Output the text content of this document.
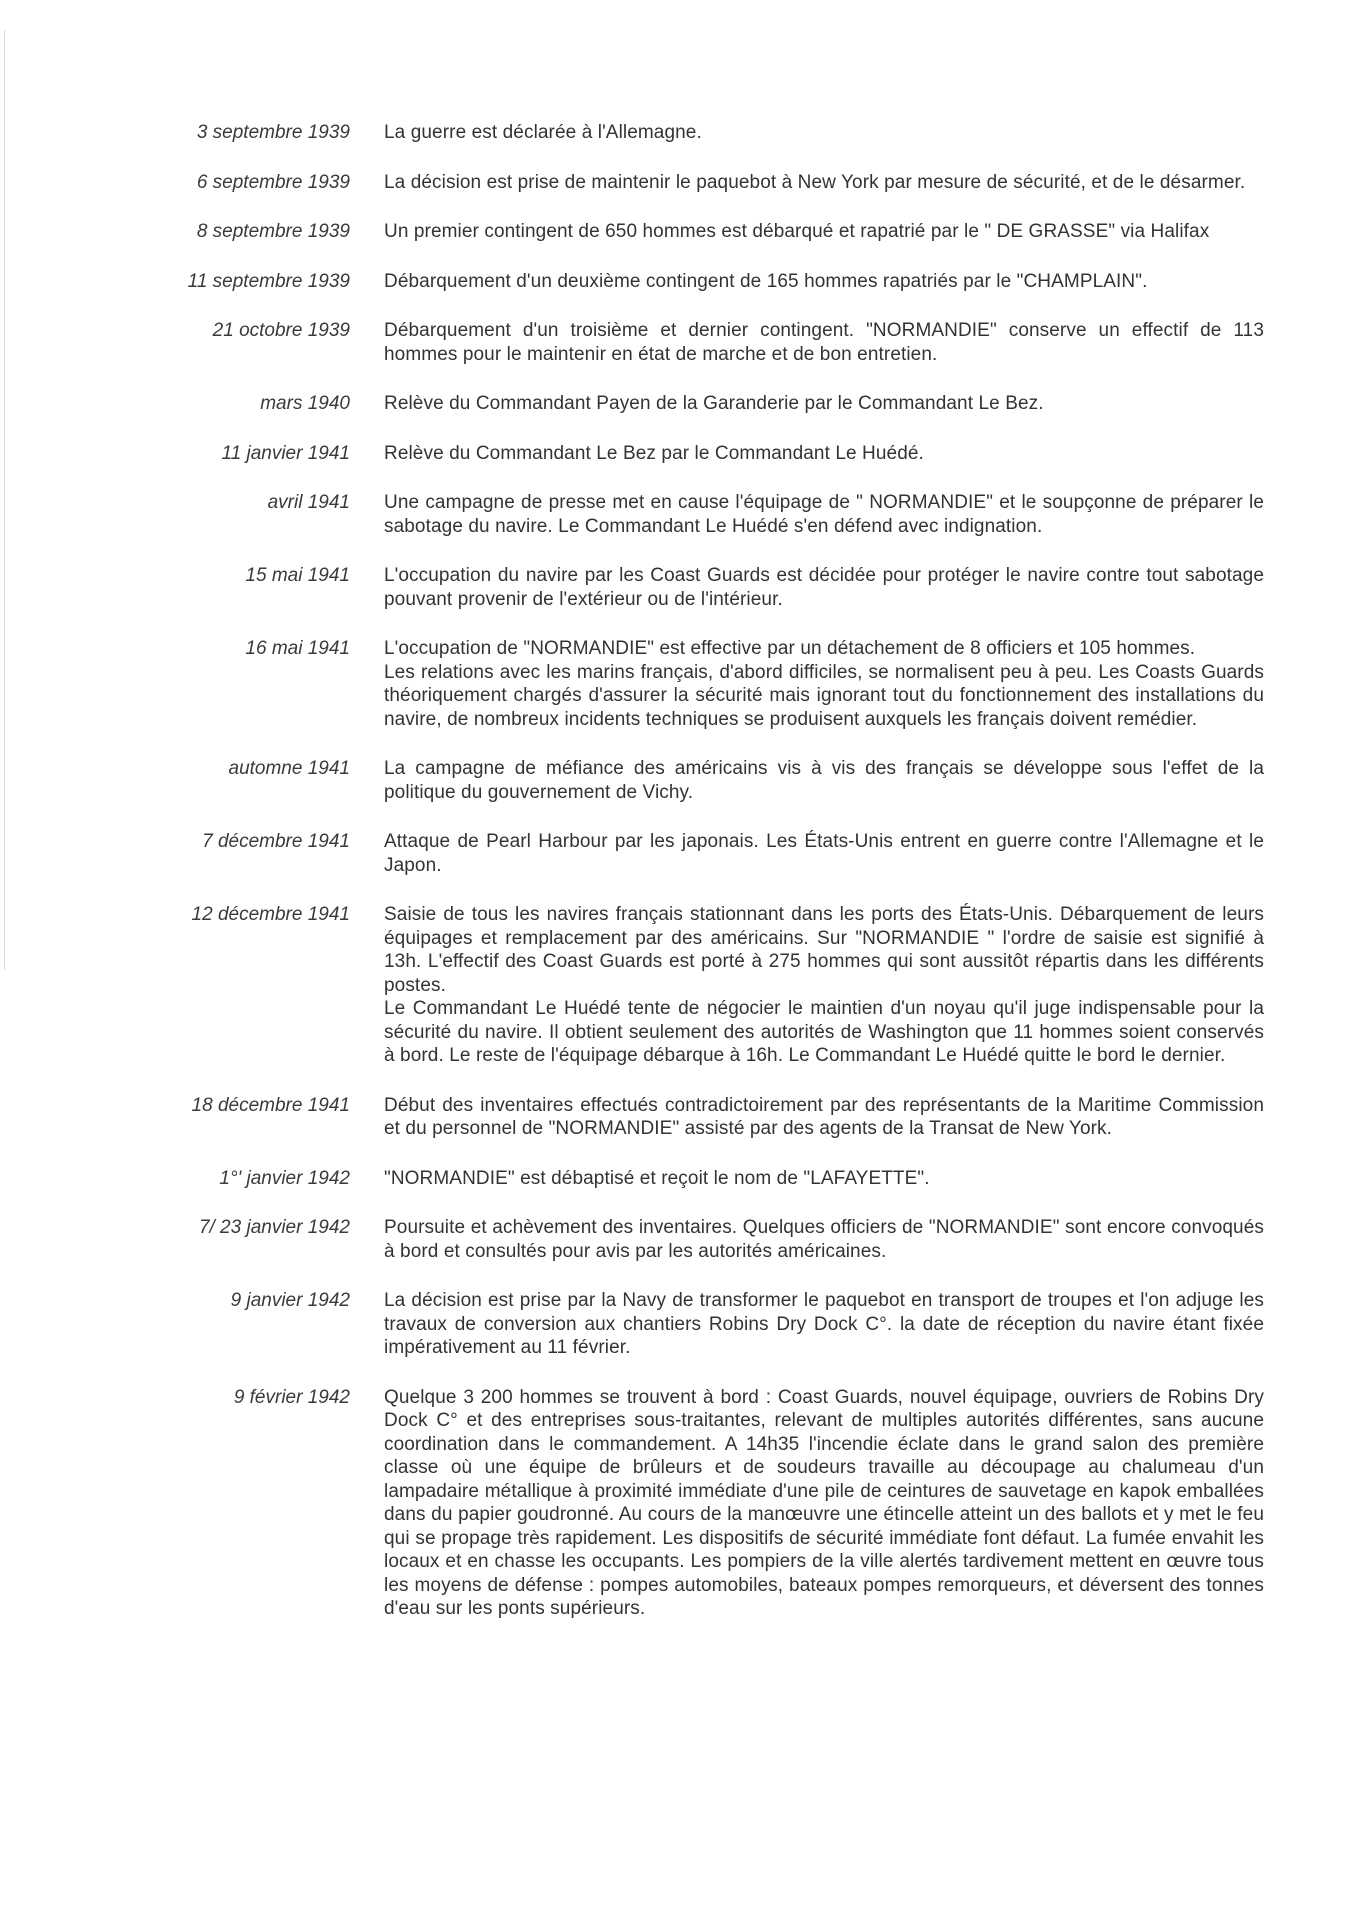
3 septembre 1939 La guerre est déclarée à l'Allemagne.

6 septembre 1939 La décision est prise de maintenir le paquebot à New York par mesure de sécurité, et de le désarmer.

8 septembre 1939 Un premier contingent de 650 hommes est débarqué et rapatrié par le " DE GRASSE" via Halifax

11 septembre 1939 Débarquement d'un deuxième contingent de 165 hommes rapatriés par le "CHAMPLAIN".

21 octobre 1939 Débarquement d'un troisième et dernier contingent. "NORMANDIE" conserve un effectif de 113 hommes pour le maintenir en état de marche et de bon entretien.

mars 1940 Relève du Commandant Payen de la Garanderie par le Commandant Le Bez.

11 janvier 1941 Relève du Commandant Le Bez par le Commandant Le Huédé.

avril 1941 Une campagne de presse met en cause l'équipage de " NORMANDIE" et le soupçonne de préparer le sabotage du navire. Le Commandant Le Huédé s'en défend avec indignation.

15 mai 1941 L'occupation du navire par les Coast Guards est décidée pour protéger le navire contre tout sabotage pouvant provenir de l'extérieur ou de l'intérieur.

16 mai 1941 L'occupation de "NORMANDIE" est effective par un détachement de 8 officiers et 105 hommes.

Les relations avec les marins français, d'abord difficiles, se normalisent peu à peu. Les Coasts Guards théoriquement chargés d'assurer la sécurité mais ignorant tout du fonctionnement des installations du navire, de nombreux incidents techniques se produisent auxquels les français doivent remédier.

automne 1941 La campagne de méfiance des américains vis à vis des français se développe sous l'effet de la politique du gouvernement de Vichy.

7 décembre 1941 Attaque de Pearl Harbour par les japonais. Les États-Unis entrent en guerre contre l'Allemagne et le Japon.

12 décembre 1941 Saisie de tous les navires français stationnant dans les ports des États-Unis. Débarquement de leurs équipages et remplacement par des américains. Sur "NORMANDIE " l'ordre de saisie est signifié à 13h. L'effectif des Coast Guards est porté à 275 hommes qui sont aussitôt répartis dans les différents postes.

Le Commandant Le Huédé tente de négocier le maintien d'un noyau qu'il juge indispensable pour la sécurité du navire. Il obtient seulement des autorités de Washington que 11 hommes soient conservés à bord. Le reste de l'équipage débarque à 16h. Le Commandant Le Huédé quitte le bord le dernier.

18 décembre 1941 Début des inventaires effectués contradictoirement par des représentants de la Maritime Commission et du personnel de "NORMANDIE" assisté par des agents de la Transat de New York.

1°' janvier 1942 "NORMANDIE" est débaptisé et reçoit le nom de "LAFAYETTE".

7/ 23 janvier 1942 Poursuite et achèvement des inventaires. Quelques officiers de "NORMANDIE" sont encore convoqués à bord et consultés pour avis par les autorités américaines.

9 janvier 1942 La décision est prise par la Navy de transformer le paquebot en transport de troupes et l'on adjuge les travaux de conversion aux chantiers Robins Dry Dock C°. la date de réception du navire étant fixée impérativement au 11 février.

9 février 1942 Quelque 3 200 hommes se trouvent à bord : Coast Guards, nouvel équipage, ouvriers de Robins Dry Dock C° et des entreprises sous-traitantes, relevant de multiples autorités différentes, sans aucune coordination dans le commandement. A 14h35 l'incendie éclate dans le grand salon des première classe où une équipe de brûleurs et de soudeurs travaille au découpage au chalumeau d'un lampadaire métallique à proximité immédiate d'une pile de ceintures de sauvetage en kapok emballées dans du papier goudronné. Au cours de la manœuvre une étincelle atteint un des ballots et y met le feu qui se propage très rapidement. Les dispositifs de sécurité immédiate font défaut. La fumée envahit les locaux et en chasse les occupants. Les pompiers de la ville alertés tardivement mettent en œuvre tous les moyens de défense : pompes automobiles, bateaux pompes remorqueurs, et déversent des tonnes d'eau sur les ponts supérieurs.
